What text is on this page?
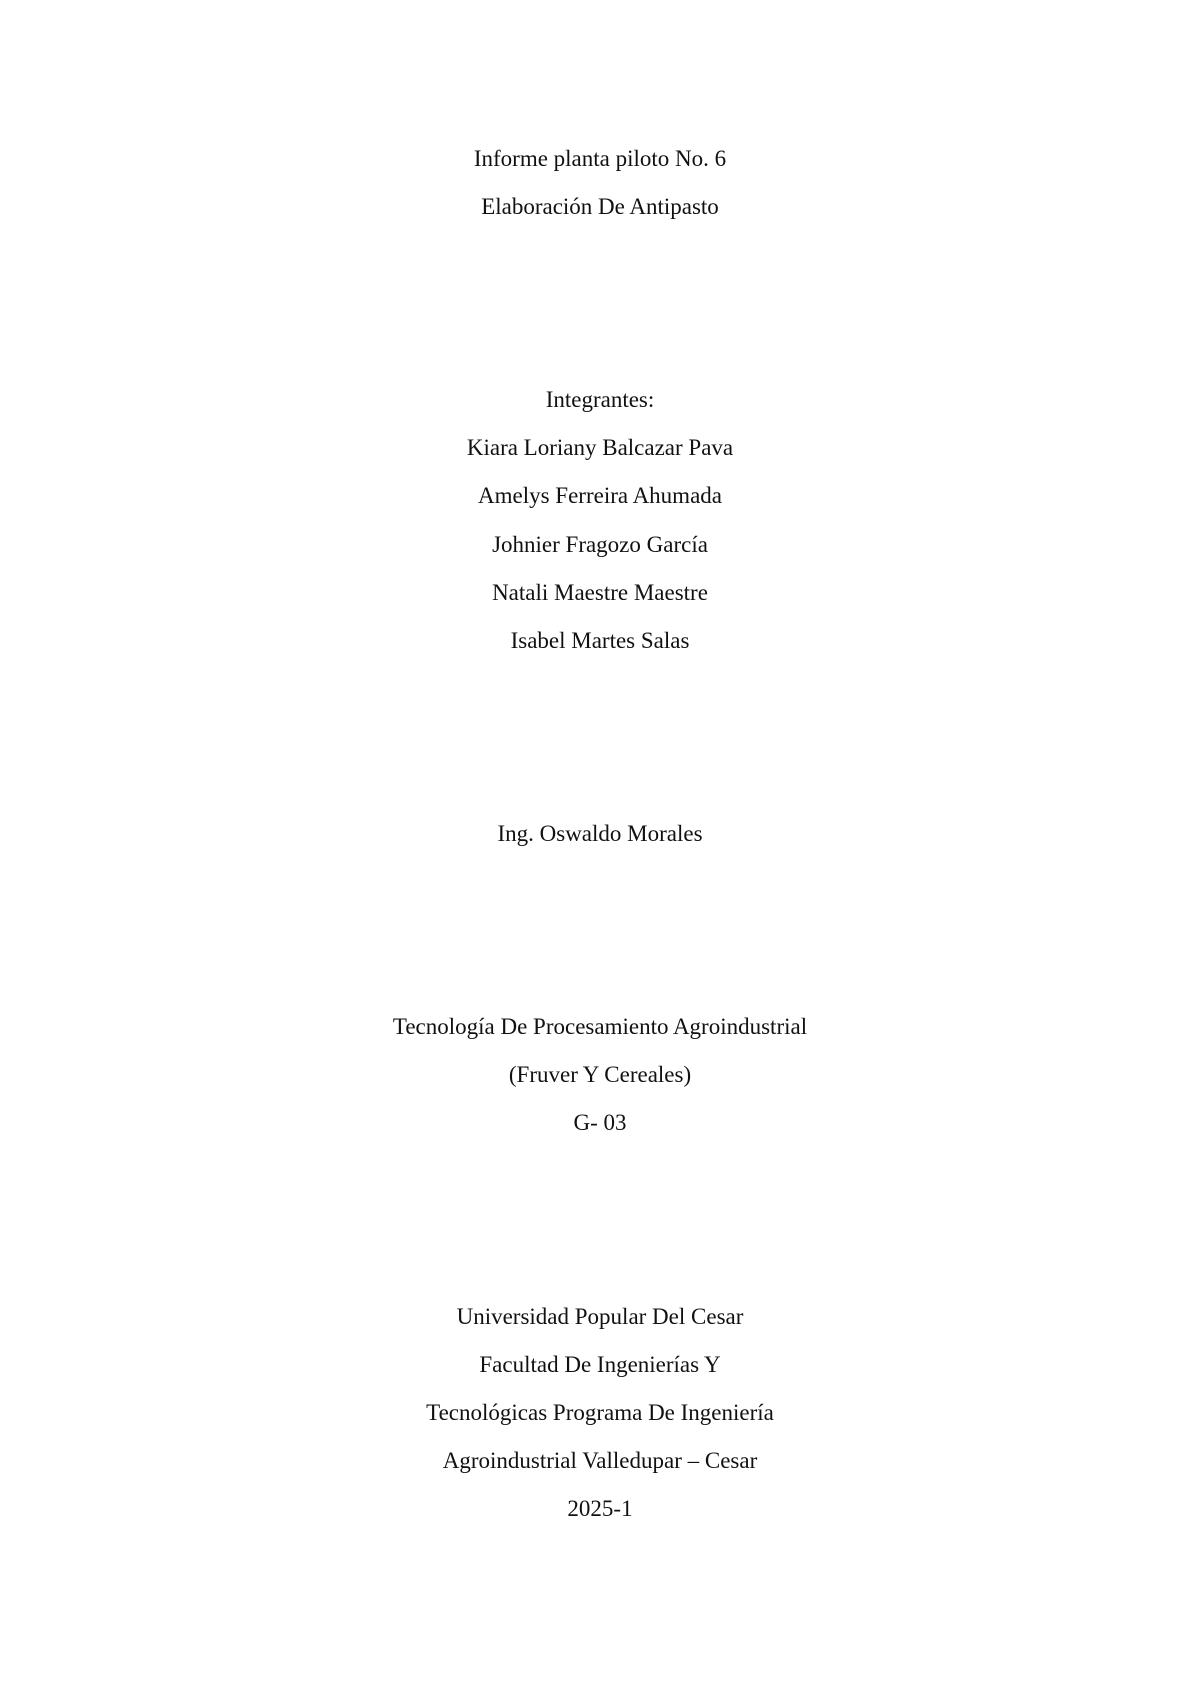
Informe planta piloto No. 6
Elaboración De Antipasto
Integrantes:
Kiara Loriany Balcazar Pava
Amelys Ferreira Ahumada
Johnier Fragozo García
Natali Maestre Maestre
Isabel Martes Salas
Ing. Oswaldo Morales
Tecnología De Procesamiento Agroindustrial
(Fruver Y Cereales)
G- 03
Universidad Popular Del Cesar
Facultad De Ingenierías Y
Tecnológicas Programa De Ingeniería
Agroindustrial Valledupar – Cesar
2025-1
